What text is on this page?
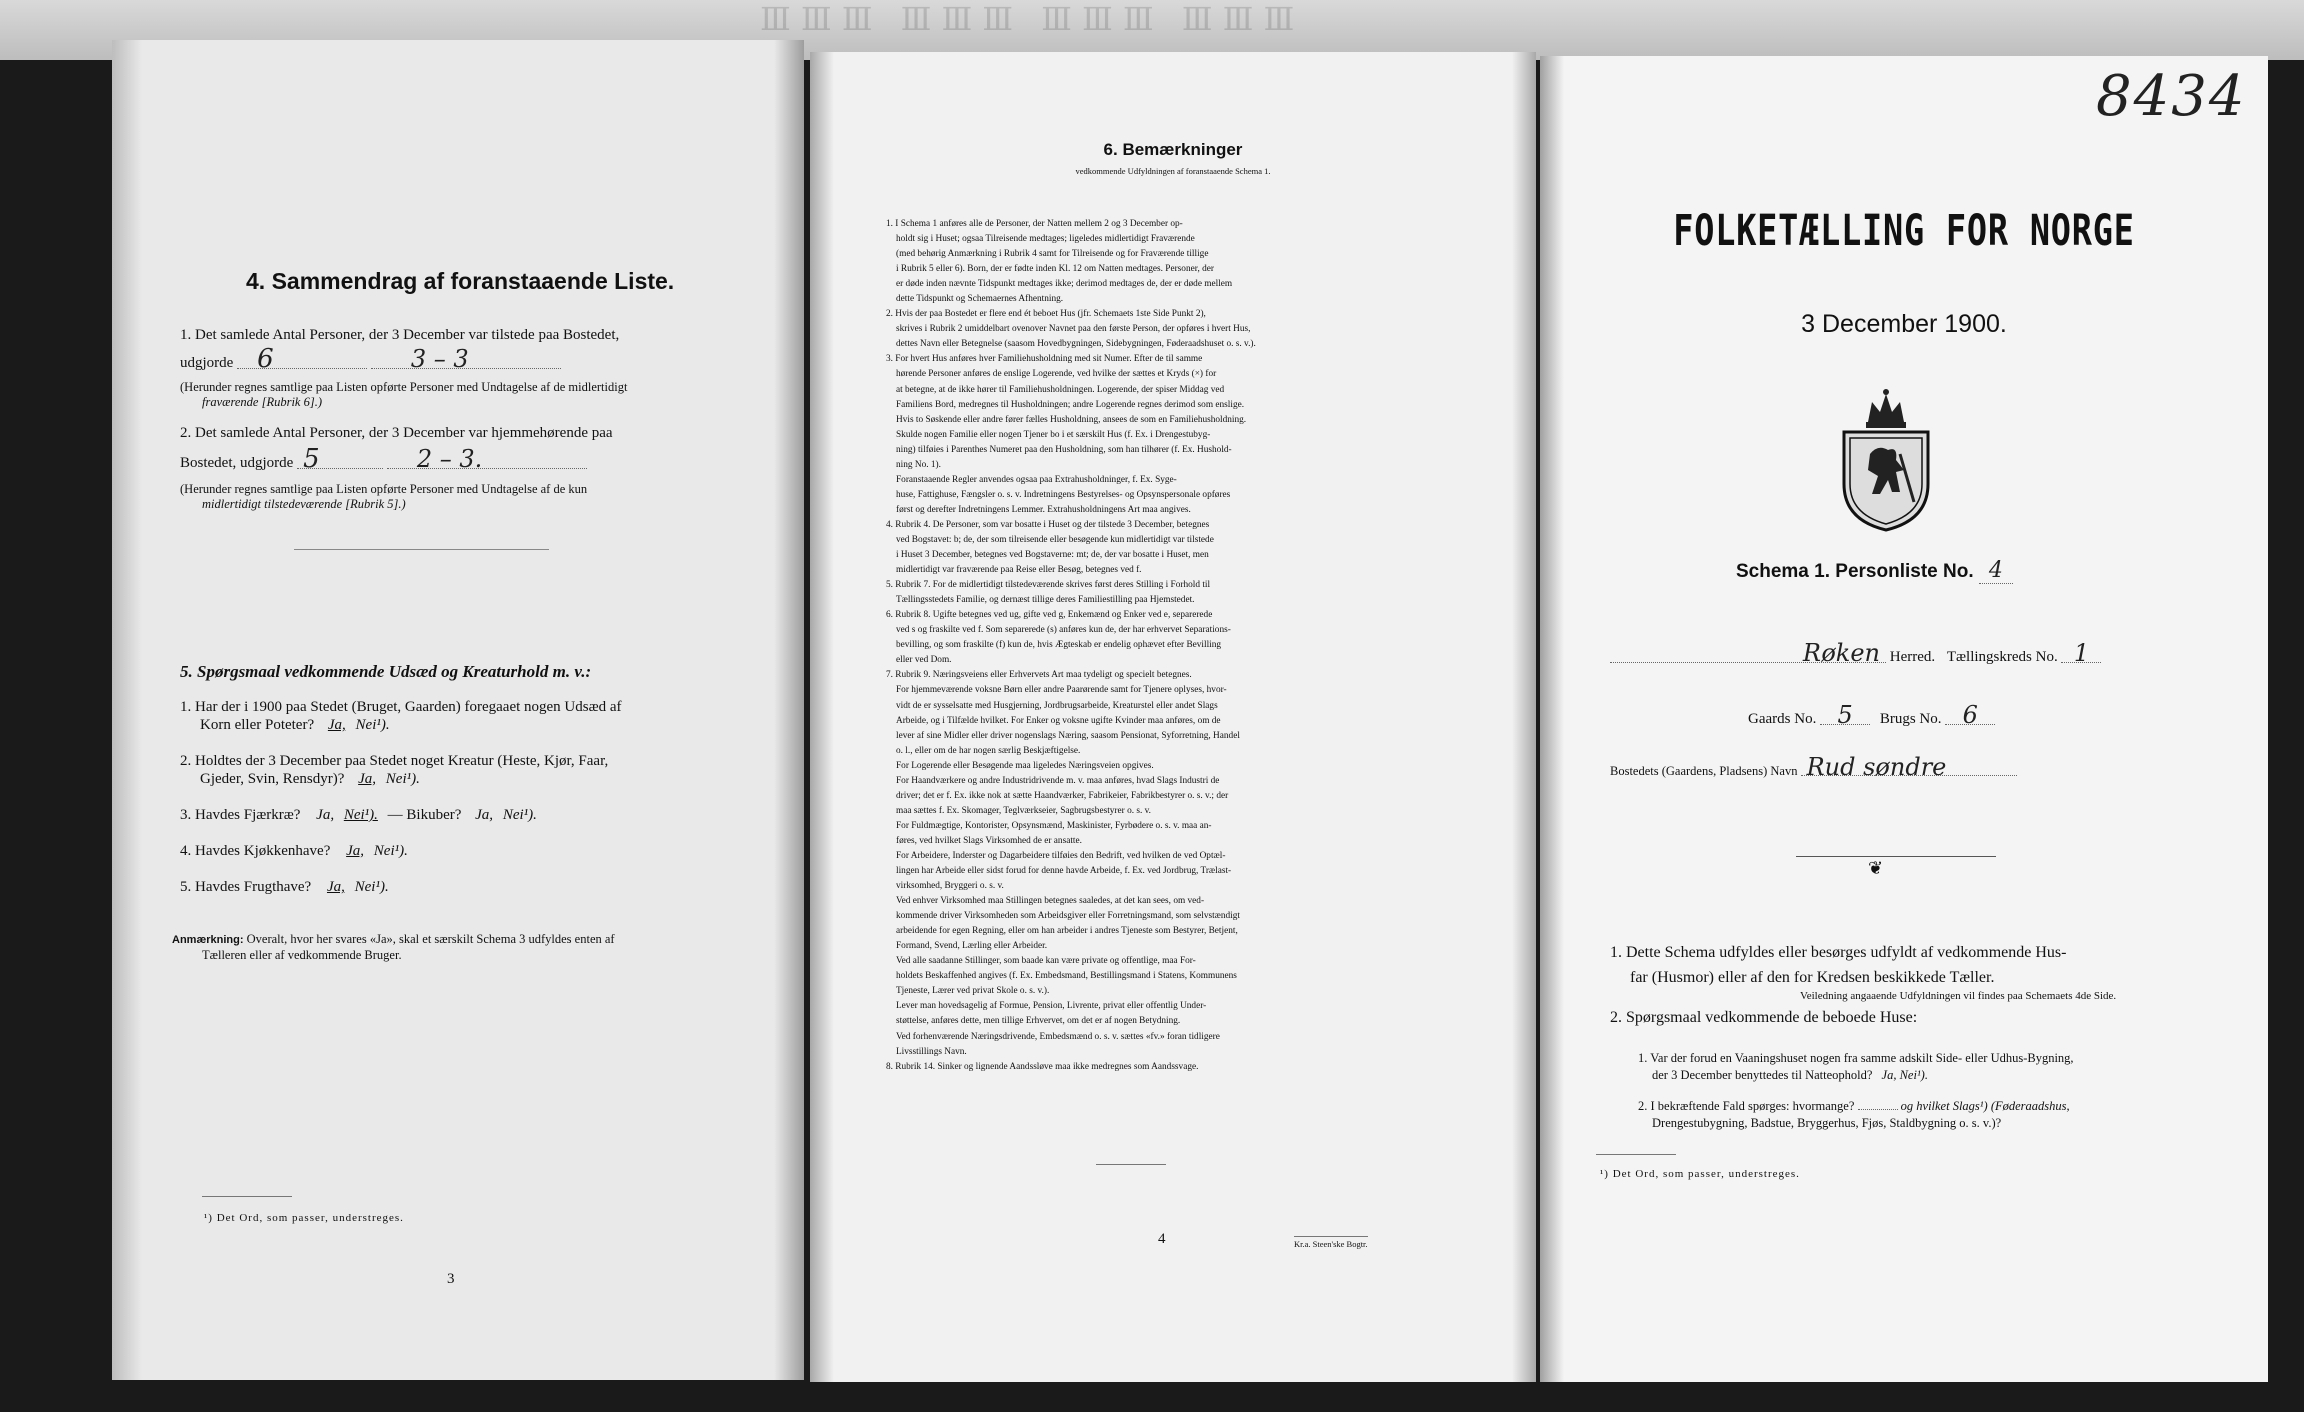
ⅢⅢⅢ ⅢⅢⅢ ⅢⅢⅢ ⅢⅢⅢ
4. Sammendrag af foranstaaende Liste.

1. Det samlede Antal Personer, der 3 December var tilstede paa Bostedet,

udgjorde 6	3 – 3

(Herunder regnes samtlige paa Listen opførte Personer med Undtagelse af de midlertidigt

fraværende [Rubrik 6].)

2. Det samlede Antal Personer, der 3 December var hjemmehørende paa

Bostedet, udgjorde 5	2 – 3.

(Herunder regnes samtlige paa Listen opførte Personer med Undtagelse af de kun

midlertidigt tilstedeværende [Rubrik 5].)

5. Spørgsmaal vedkommende Udsæd og Kreaturhold m. v.:

1. Har der i 1900 paa Stedet (Bruget, Gaarden) foregaaet nogen Udsæd af

Korn eller Poteter? Ja, Nei¹).

2. Holdtes der 3 December paa Stedet noget Kreatur (Heste, Kjør, Faar,

Gjeder, Svin, Rensdyr)? Ja, Nei¹).

3. Havdes Fjærkræ? Ja, Nei¹). — Bikuber? Ja, Nei¹).

4. Havdes Kjøkkenhave? Ja, Nei¹).

5. Havdes Frugthave? Ja, Nei¹).

Anmærkning: Overalt, hvor her svares «Ja», skal et særskilt Schema 3 udfyldes enten af

Tælleren eller af vedkommende Bruger.

¹) Det Ord, som passer, understreges.
3
6. Bemærkninger
vedkommende Udfyldningen af foranstaaende Schema 1.

1. I Schema 1 anføres alle de Personer, der Natten mellem 2 og 3 December op-

holdt sig i Huset; ogsaa Tilreisende medtages; ligeledes midlertidigt Fraværende

(med behørig Anmærkning i Rubrik 4 samt for Tilreisende og for Fraværende tillige

i Rubrik 5 eller 6). Born, der er fødte inden Kl. 12 om Natten medtages. Personer, der

er døde inden nævnte Tidspunkt medtages ikke; derimod medtages de, der er døde mellem

dette Tidspunkt og Schemaernes Afhentning.

2. Hvis der paa Bostedet er flere end ét beboet Hus (jfr. Schemaets 1ste Side Punkt 2),

skrives i Rubrik 2 umiddelbart ovenover Navnet paa den første Person, der opføres i hvert Hus,

dettes Navn eller Betegnelse (saasom Hovedbygningen, Sidebygningen, Føderaadshuset o. s. v.).

3. For hvert Hus anføres hver Familiehusholdning med sit Numer. Efter de til samme

hørende Personer anføres de enslige Logerende, ved hvilke der sættes et Kryds (×) for

at betegne, at de ikke hører til Familiehusholdningen. Logerende, der spiser Middag ved

Familiens Bord, medregnes til Husholdningen; andre Logerende regnes derimod som enslige.

Hvis to Søskende eller andre fører fælles Husholdning, ansees de som en Familiehusholdning.

Skulde nogen Familie eller nogen Tjener bo i et særskilt Hus (f. Ex. i Drengestubyg-

ning) tilføies i Parenthes Numeret paa den Husholdning, som han tilhører (f. Ex. Hushold-

ning No. 1).

Foranstaaende Regler anvendes ogsaa paa Extrahusholdninger, f. Ex. Syge-

huse, Fattighuse, Fængsler o. s. v. Indretningens Bestyrelses- og Opsynspersonale opføres

først og derefter Indretningens Lemmer. Extrahusholdningens Art maa angives.

4. Rubrik 4. De Personer, som var bosatte i Huset og der tilstede 3 December, betegnes

ved Bogstavet: b; de, der som tilreisende eller besøgende kun midlertidigt var tilstede

i Huset 3 December, betegnes ved Bogstaverne: mt; de, der var bosatte i Huset, men

midlertidigt var fraværende paa Reise eller Besøg, betegnes ved f.

5. Rubrik 7. For de midlertidigt tilstedeværende skrives først deres Stilling i Forhold til

Tællingsstedets Familie, og dernæst tillige deres Familiestilling paa Hjemstedet.

6. Rubrik 8. Ugifte betegnes ved ug, gifte ved g, Enkemænd og Enker ved e, separerede

ved s og fraskilte ved f. Som separerede (s) anføres kun de, der har erhvervet Separations-

bevilling, og som fraskilte (f) kun de, hvis Ægteskab er endelig ophævet efter Bevilling

eller ved Dom.

7. Rubrik 9. Næringsveiens eller Erhvervets Art maa tydeligt og specielt betegnes.

For hjemmeværende voksne Børn eller andre Paarørende samt for Tjenere oplyses, hvor-

vidt de er sysselsatte med Husgjerning, Jordbrugsarbeide, Kreaturstel eller andet Slags

Arbeide, og i Tilfælde hvilket. For Enker og voksne ugifte Kvinder maa anføres, om de

lever af sine Midler eller driver nogenslags Næring, saasom Pensionat, Syforretning, Handel

o. l., eller om de har nogen særlig Beskjæftigelse.

For Logerende eller Besøgende maa ligeledes Næringsveien opgives.

For Haandværkere og andre Industridrivende m. v. maa anføres, hvad Slags Industri de

driver; det er f. Ex. ikke nok at sætte Haandværker, Fabrikeier, Fabrikbestyrer o. s. v.; der

maa sættes f. Ex. Skomager, Teglværkseier, Sagbrugsbestyrer o. s. v.

For Fuldmægtige, Kontorister, Opsynsmænd, Maskinister, Fyrbødere o. s. v. maa an-

føres, ved hvilket Slags Virksomhed de er ansatte.

For Arbeidere, Inderster og Dagarbeidere tilføies den Bedrift, ved hvilken de ved Optæl-

lingen har Arbeide eller sidst forud for denne havde Arbeide, f. Ex. ved Jordbrug, Trælast-

virksomhed, Bryggeri o. s. v.

Ved enhver Virksomhed maa Stillingen betegnes saaledes, at det kan sees, om ved-

kommende driver Virksomheden som Arbeidsgiver eller Forretningsmand, som selvstændigt

arbeidende for egen Regning, eller om han arbeider i andres Tjeneste som Bestyrer, Betjent,

Formand, Svend, Lærling eller Arbeider.

Ved alle saadanne Stillinger, som baade kan være private og offentlige, maa For-

holdets Beskaffenhed angives (f. Ex. Embedsmand, Bestillingsmand i Statens, Kommunens

Tjeneste, Lærer ved privat Skole o. s. v.).

Lever man hovedsagelig af Formue, Pension, Livrente, privat eller offentlig Under-

støttelse, anføres dette, men tillige Erhvervet, om det er af nogen Betydning.

Ved forhenværende Næringsdrivende, Embedsmænd o. s. v. sættes «fv.» foran tidligere

Livsstillings Navn.

8. Rubrik 14. Sinker og lignende Aandssløve maa ikke medregnes som Aandssvage.

4	Kr.a. Steen'ske Bogtr.
8434
FOLKETÆLLING FOR NORGE
3 December 1900.
Schema 1. Personliste No. 4
Røken Herred. Tællingskreds No. 1
Gaards No. 5 Brugs No. 6
Bostedets (Gaardens, Pladsens) Navn Rud søndre
❦

1. Dette Schema udfyldes eller besørges udfyldt af vedkommende Hus-

far (Husmor) eller af den for Kredsen beskikkede Tæller.

Veiledning angaaende Udfyldningen vil findes paa Schemaets 4de Side.

2. Spørgsmaal vedkommende de beboede Huse:

1. Var der forud en Vaaningshuset nogen fra samme adskilt Side- eller Udhus-Bygning,

der 3 December benyttedes til Natteophold? Ja, Nei¹).

2. I bekræftende Fald spørges: hvormange?	og hvilket Slags¹) (Føderaadshus,

Drengestubygning, Badstue, Bryggerhus, Fjøs, Staldbygning o. s. v.)?

¹) Det Ord, som passer, understreges.
